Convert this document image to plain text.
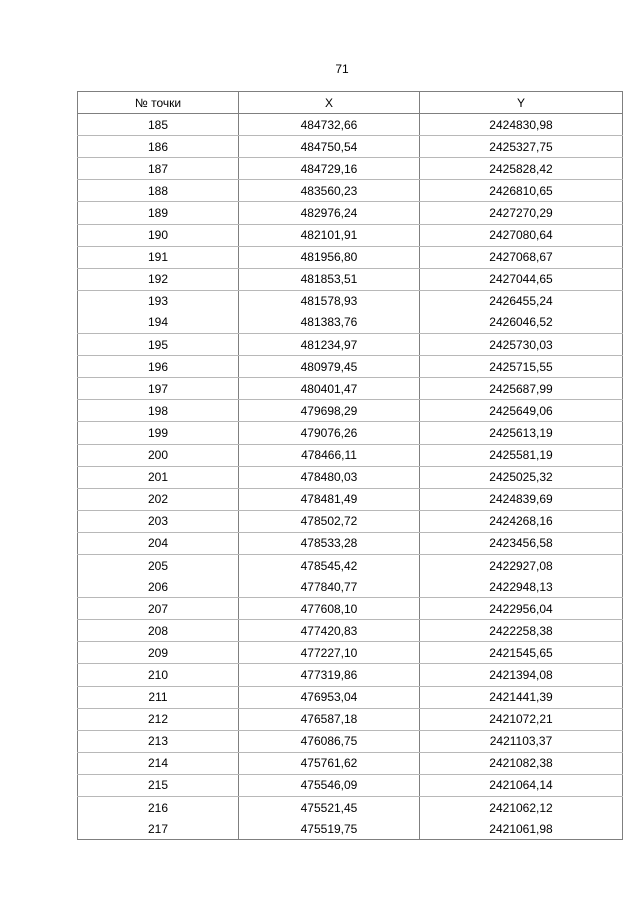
71
№ точки	X	Y
185	484732,66	2424830,98
186	484750,54	2425327,75
187	484729,16	2425828,42
188	483560,23	2426810,65
189	482976,24	2427270,29
190	482101,91	2427080,64
191	481956,80	2427068,67
192	481853,51	2427044,65
193	481578,93	2426455,24
194	481383,76	2426046,52
195	481234,97	2425730,03
196	480979,45	2425715,55
197	480401,47	2425687,99
198	479698,29	2425649,06
199	479076,26	2425613,19
200	478466,11	2425581,19
201	478480,03	2425025,32
202	478481,49	2424839,69
203	478502,72	2424268,16
204	478533,28	2423456,58
205	478545,42	2422927,08
206	477840,77	2422948,13
207	477608,10	2422956,04
208	477420,83	2422258,38
209	477227,10	2421545,65
210	477319,86	2421394,08
211	476953,04	2421441,39
212	476587,18	2421072,21
213	476086,75	2421103,37
214	475761,62	2421082,38
215	475546,09	2421064,14
216	475521,45	2421062,12
217	475519,75	2421061,98
